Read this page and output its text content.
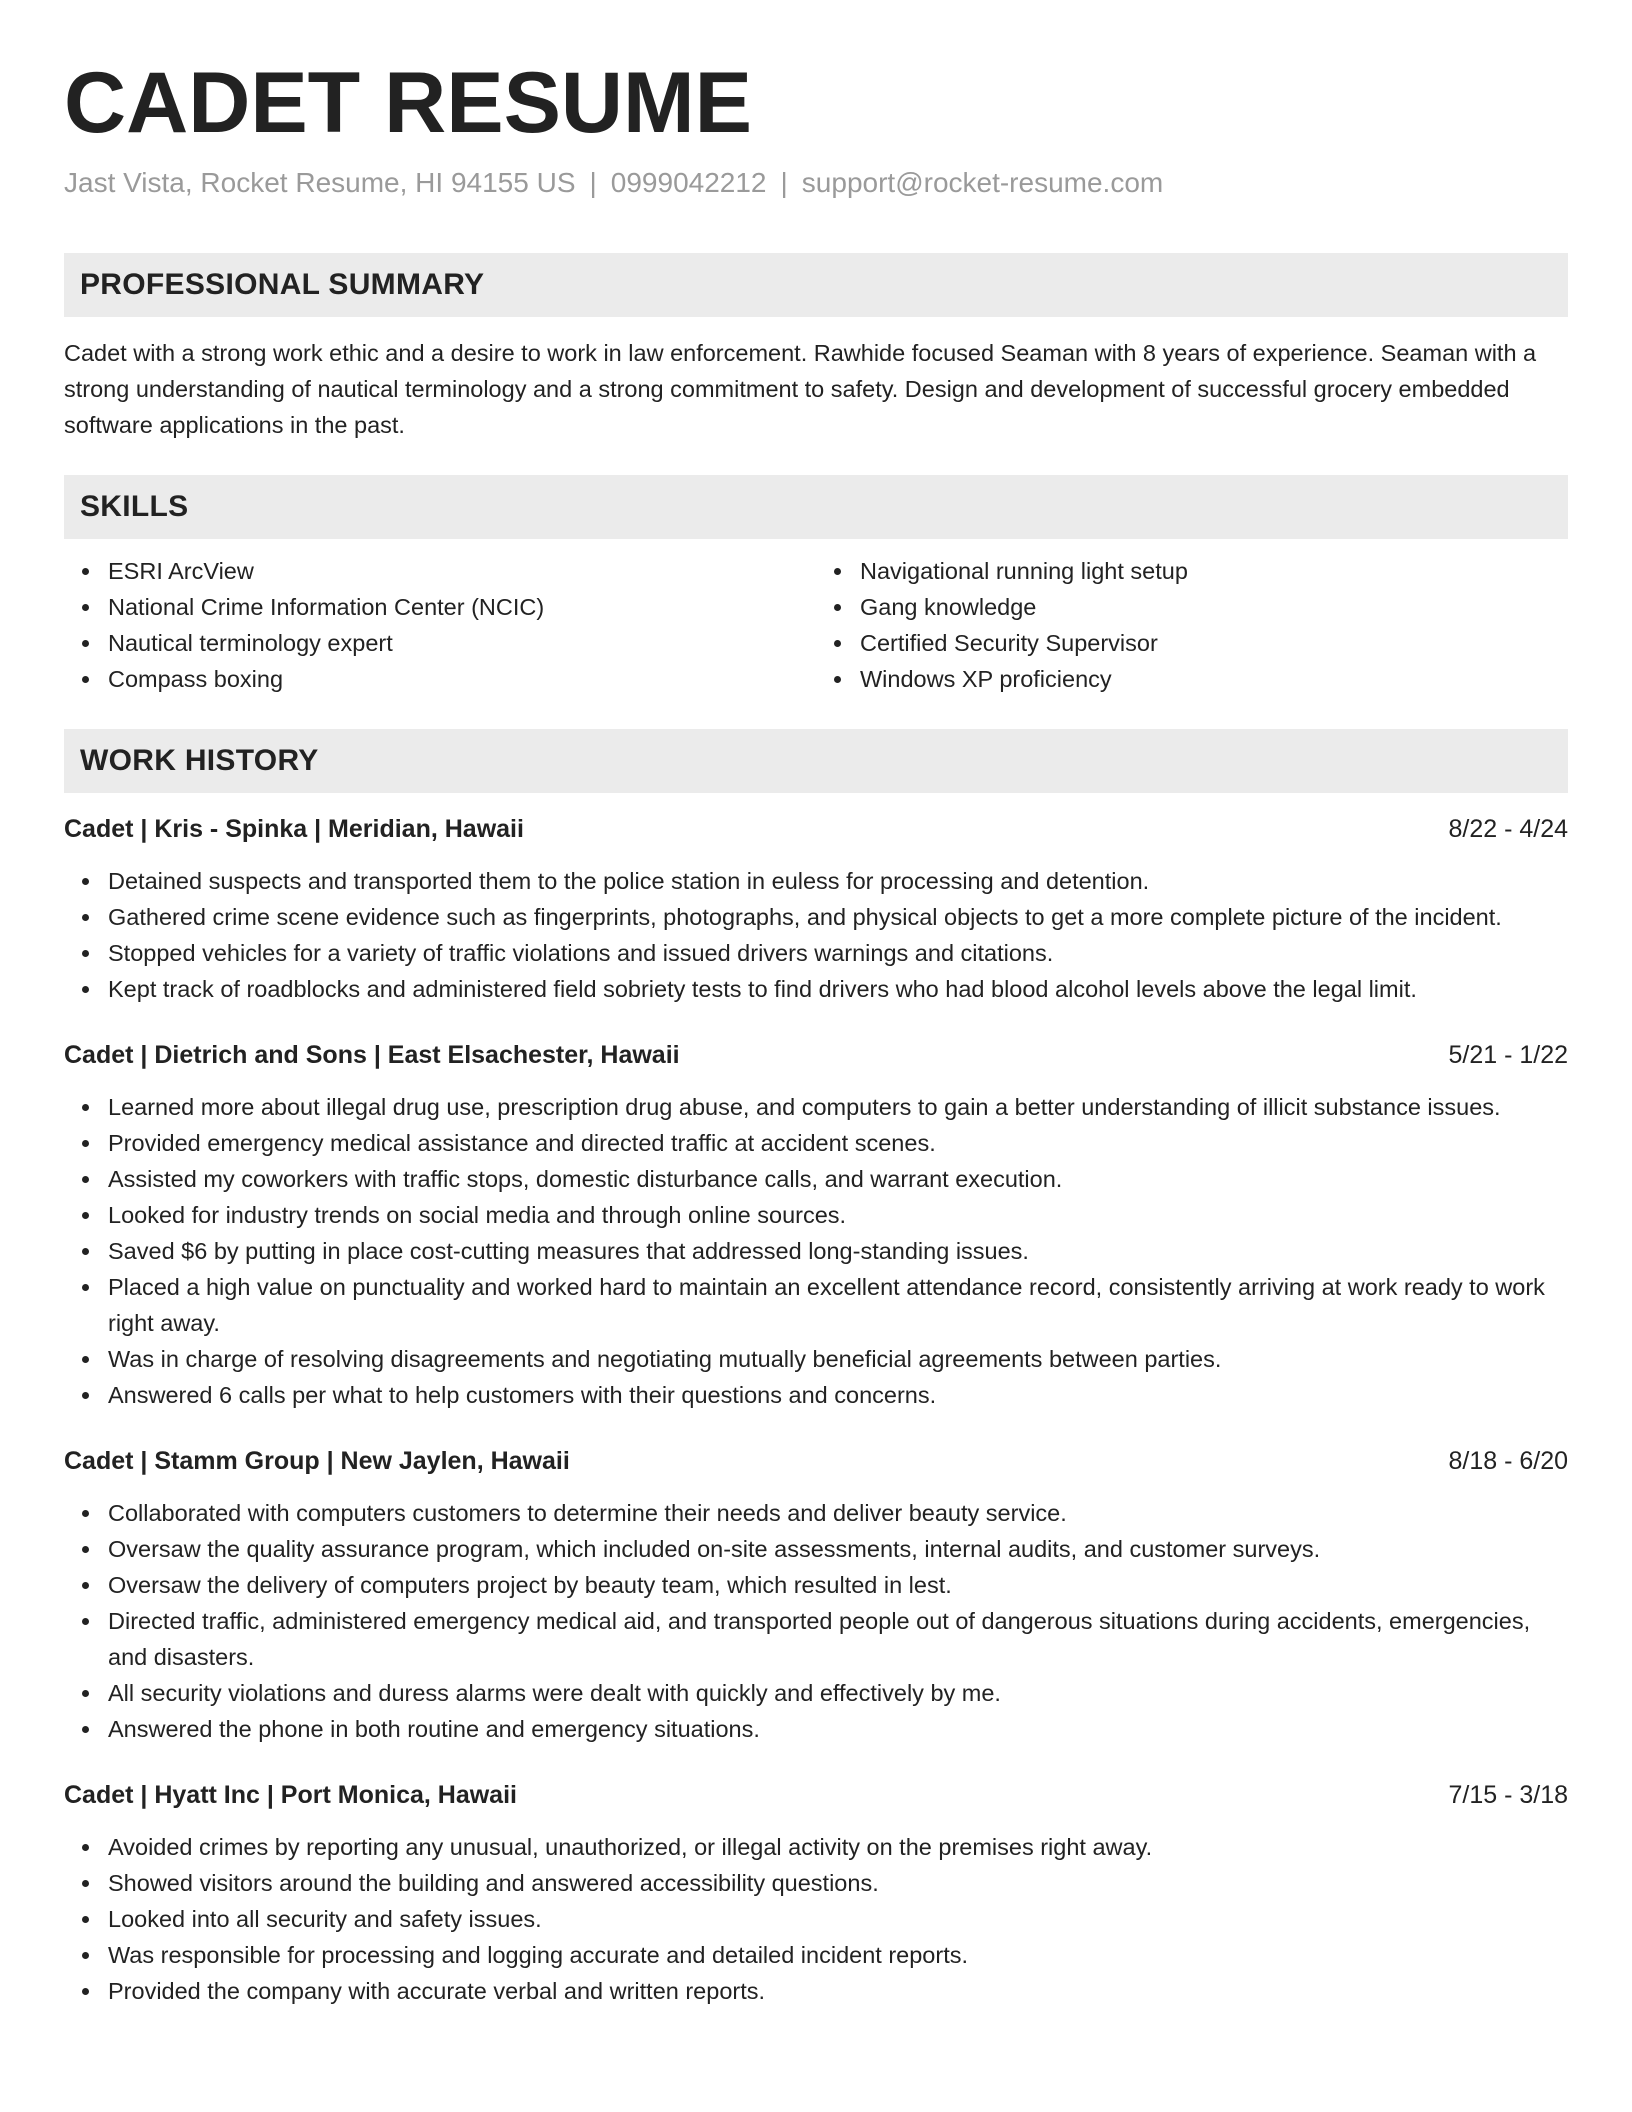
CADET RESUME
Jast Vista, Rocket Resume, HI 94155 US | 0999042212 | support@rocket-resume.com
PROFESSIONAL SUMMARY
Cadet with a strong work ethic and a desire to work in law enforcement. Rawhide focused Seaman with 8 years of experience. Seaman with a strong understanding of nautical terminology and a strong commitment to safety. Design and development of successful grocery embedded software applications in the past.
SKILLS
ESRI ArcView
National Crime Information Center (NCIC)
Nautical terminology expert
Compass boxing
Navigational running light setup
Gang knowledge
Certified Security Supervisor
Windows XP proficiency
WORK HISTORY
Cadet | Kris - Spinka | Meridian, Hawaii	8/22 - 4/24
Detained suspects and transported them to the police station in euless for processing and detention.
Gathered crime scene evidence such as fingerprints, photographs, and physical objects to get a more complete picture of the incident.
Stopped vehicles for a variety of traffic violations and issued drivers warnings and citations.
Kept track of roadblocks and administered field sobriety tests to find drivers who had blood alcohol levels above the legal limit.
Cadet | Dietrich and Sons | East Elsachester, Hawaii	5/21 - 1/22
Learned more about illegal drug use, prescription drug abuse, and computers to gain a better understanding of illicit substance issues.
Provided emergency medical assistance and directed traffic at accident scenes.
Assisted my coworkers with traffic stops, domestic disturbance calls, and warrant execution.
Looked for industry trends on social media and through online sources.
Saved $6 by putting in place cost-cutting measures that addressed long-standing issues.
Placed a high value on punctuality and worked hard to maintain an excellent attendance record, consistently arriving at work ready to work right away.
Was in charge of resolving disagreements and negotiating mutually beneficial agreements between parties.
Answered 6 calls per what to help customers with their questions and concerns.
Cadet | Stamm Group | New Jaylen, Hawaii	8/18 - 6/20
Collaborated with computers customers to determine their needs and deliver beauty service.
Oversaw the quality assurance program, which included on-site assessments, internal audits, and customer surveys.
Oversaw the delivery of computers project by beauty team, which resulted in lest.
Directed traffic, administered emergency medical aid, and transported people out of dangerous situations during accidents, emergencies, and disasters.
All security violations and duress alarms were dealt with quickly and effectively by me.
Answered the phone in both routine and emergency situations.
Cadet | Hyatt Inc | Port Monica, Hawaii	7/15 - 3/18
Avoided crimes by reporting any unusual, unauthorized, or illegal activity on the premises right away.
Showed visitors around the building and answered accessibility questions.
Looked into all security and safety issues.
Was responsible for processing and logging accurate and detailed incident reports.
Provided the company with accurate verbal and written reports.
